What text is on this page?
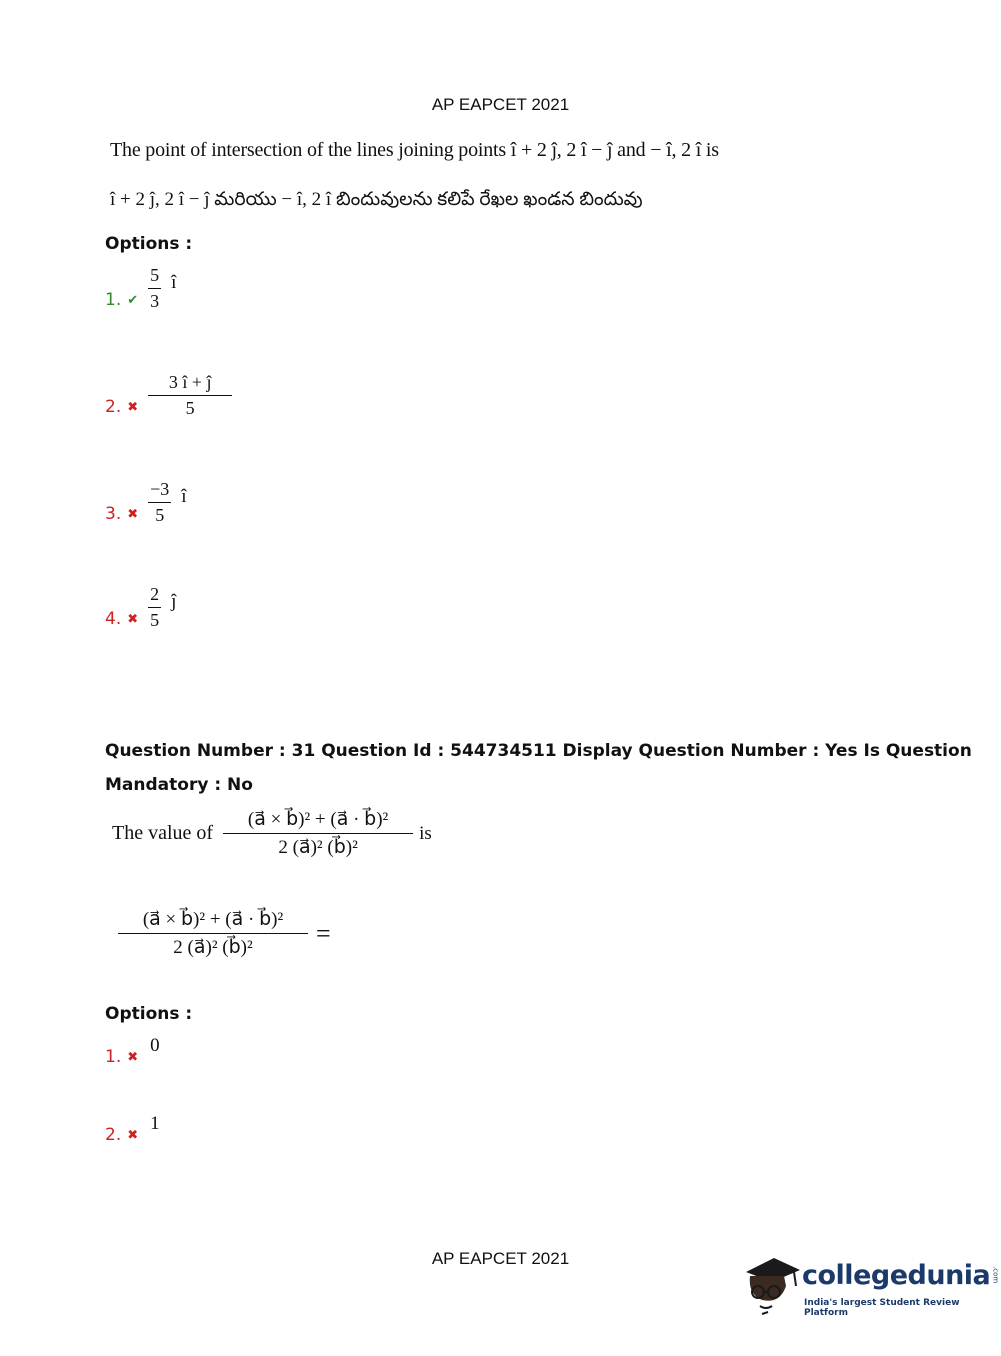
AP EAPCET 2021
The point of intersection of the lines joining points î + 2 ĵ, 2 î − ĵ and − î, 2 î is
î + 2 ĵ, 2 î − ĵ మరియు − î, 2 î బిందువులను కలిపే రేఖల ఖండన బిందువు
Options :
1. ✔ $\frac{5}{3}$ î
2. ✖ $\frac{3 î + ĵ}{5}$
3. ✖ $\frac{-3}{5}$ î
4. ✖ $\frac{2}{5}$ ĵ
Question Number : 31 Question Id : 544734511 Display Question Number : Yes Is Question
Mandatory : No
The value of $\frac{\text{(a⃗ × b⃗)² + (a⃗ · b⃗)²}}{\text{2 (a⃗)² (b⃗)²}}$ is
$\frac{\text{(a⃗ × b⃗)² + (a⃗ · b⃗)²}}{\text{2 (a⃗)² (b⃗)²}}$ =
Options :
1. ✖
0
2. ✖
1
AP EAPCET 2021
collegedunia .com
India's largest Student Review Platform
